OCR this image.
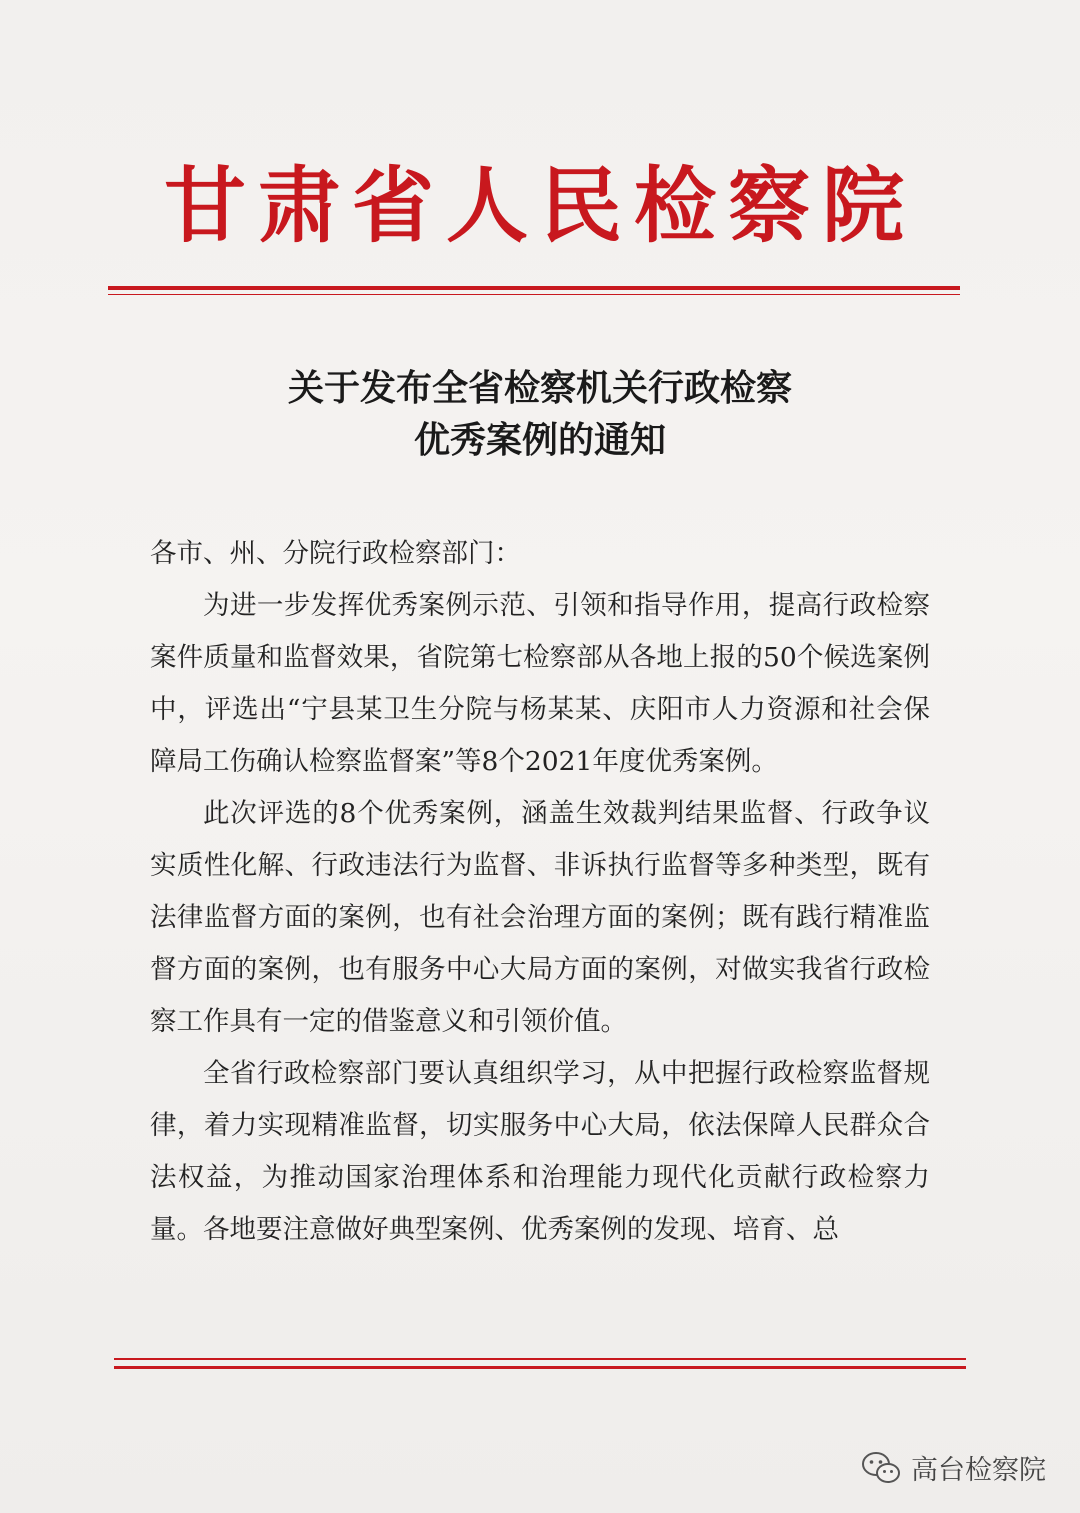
甘肃省人民检察院
关于发布全省检察机关行政检察
优秀案例的通知

各市、州、分院行政检察部门：

为进一步发挥优秀案例示范、引领和指导作用，提高行政检察案件质量和监督效果，省院第七检察部从各地上报的50个候选案例中，评选出“宁县某卫生分院与杨某某、庆阳市人力资源和社会保障局工伤确认检察监督案”等8个2021年度优秀案例。

此次评选的8个优秀案例，涵盖生效裁判结果监督、行政争议实质性化解、行政违法行为监督、非诉执行监督等多种类型，既有法律监督方面的案例，也有社会治理方面的案例；既有践行精准监督方面的案例，也有服务中心大局方面的案例，对做实我省行政检察工作具有一定的借鉴意义和引领价值。

全省行政检察部门要认真组织学习，从中把握行政检察监督规律，着力实现精准监督，切实服务中心大局，依法保障人民群众合法权益，为推动国家治理体系和治理能力现代化贡献行政检察力量。各地要注意做好典型案例、优秀案例的发现、培育、总

高台检察院
